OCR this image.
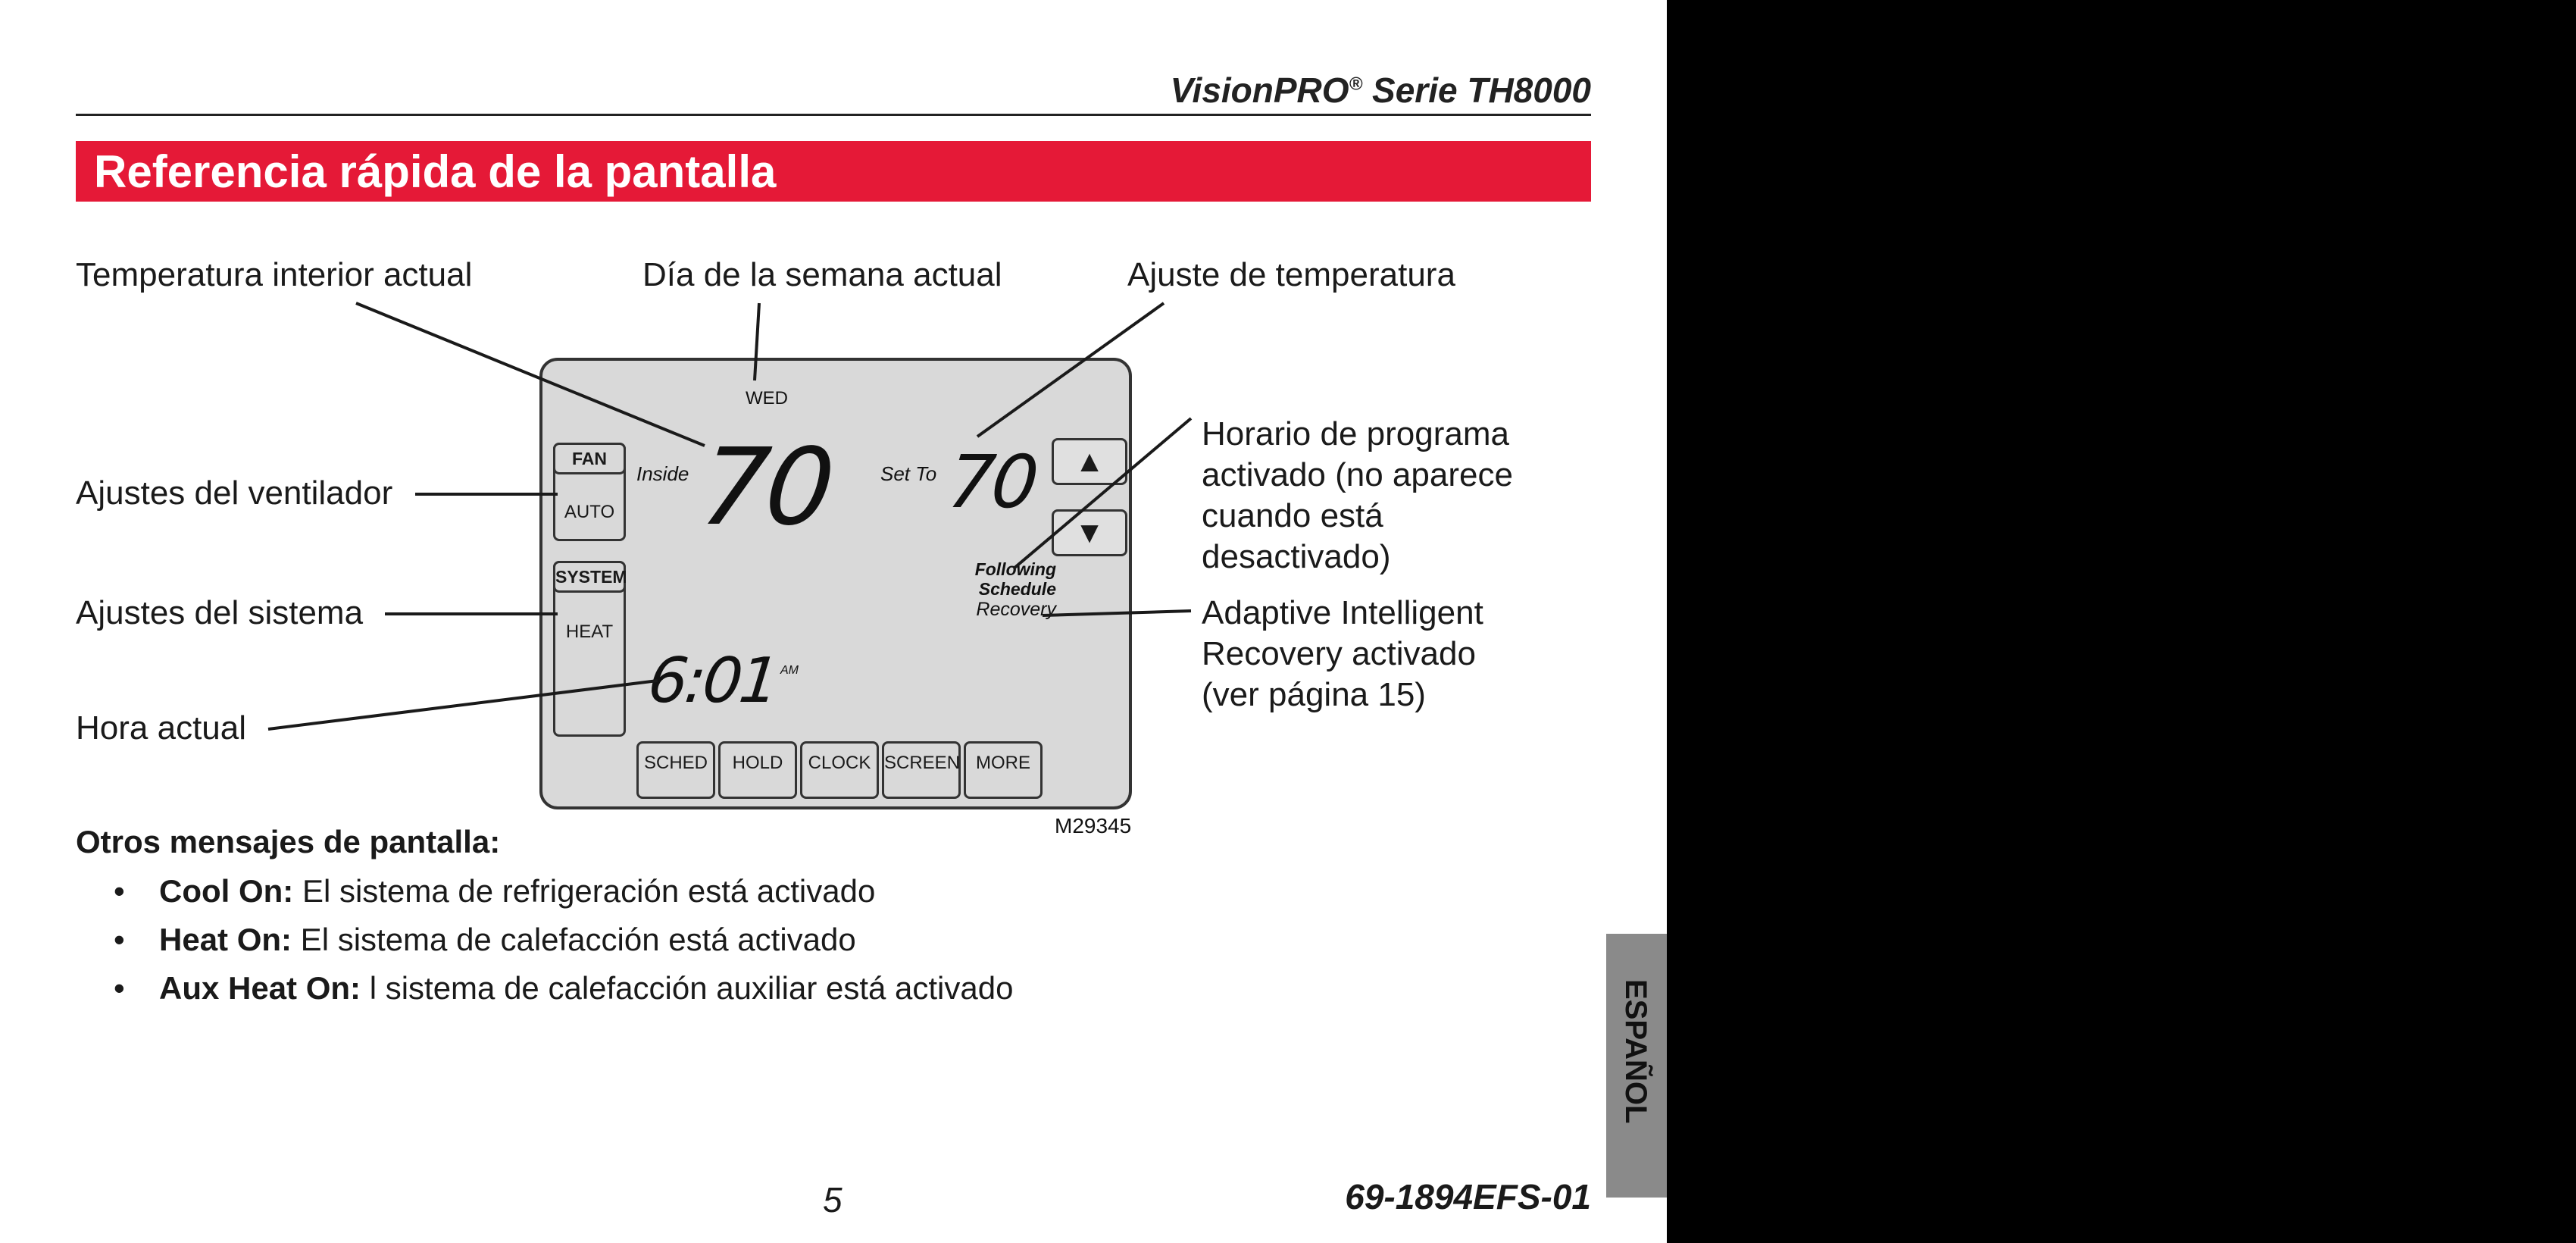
VisionPRO® Serie TH8000
Referencia rápida de la pantalla
Temperatura interior actual	Día de la semana actual	Ajuste de temperatura
Ajustes del ventilador
Ajustes del sistema
Hora actual
Horario de programa
activado (no aparece
cuando está
desactivado)
Adaptive Intelligent
Recovery activado
(ver página 15)
WED
FAN
AUTO
SYSTEM
HEAT
Inside 70 Set To 70 ▲
▼
Following
Schedule
Recovery
6:01 AM
SCHED	HOLD	CLOCK SCREEN MORE
M29345
Otros mensajes de pantalla:
• Cool On: El sistema de refrigeración está activado
• Heat On: El sistema de calefacción está activado
• Aux Heat On: l sistema de calefacción auxiliar está activado	ESPAÑOL
5	69-1894EFS-01
